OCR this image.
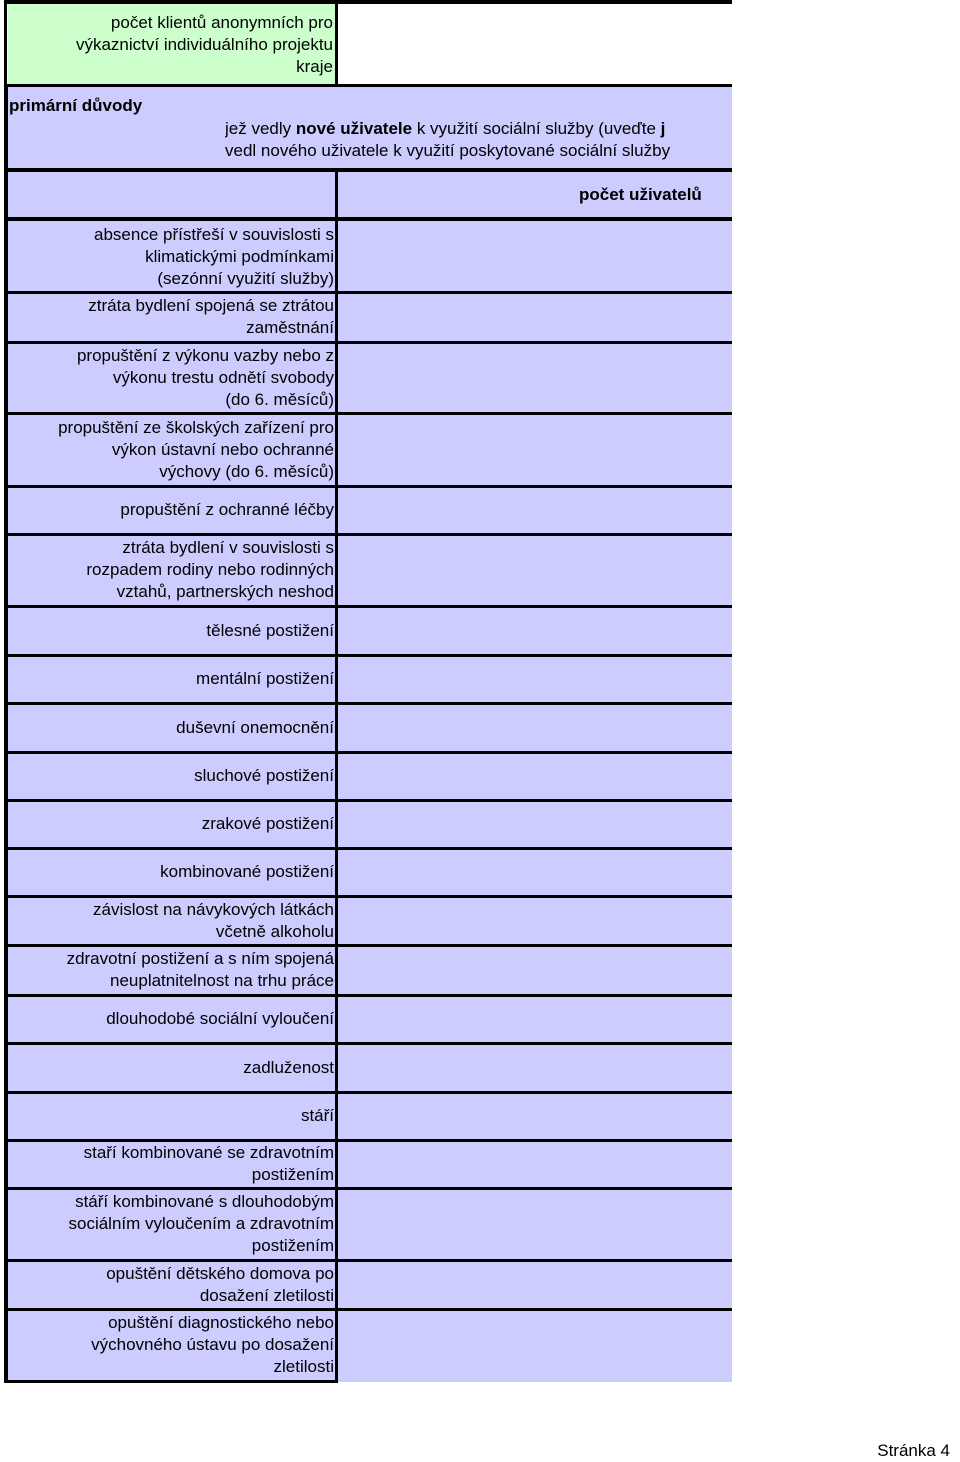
počet klientů anonymních pro
výkaznictví individuálního projektu
kraje
primární důvody
jež vedly nové uživatele k využití sociální služby (uveďte j
vedl nového uživatele k využití poskytované sociální služby
počet uživatelů
absence přístřeší v souvislosti s
klimatickými podmínkami
(sezónní využití služby)
ztráta bydlení spojená se ztrátou
zaměstnání
propuštění z výkonu vazby nebo z
výkonu trestu odnětí svobody
(do 6. měsíců)
propuštění ze školských zařízení pro
výkon ústavní nebo ochranné
výchovy (do 6. měsíců)
propuštění z ochranné léčby
ztráta bydlení v souvislosti s
rozpadem rodiny nebo rodinných
vztahů, partnerských neshod
tělesné postižení
mentální postižení
duševní onemocnění
sluchové postižení
zrakové postižení
kombinované postižení
závislost na návykových látkách
včetně alkoholu
zdravotní postižení a s ním spojená
neuplatnitelnost na trhu práce
dlouhodobé sociální vyloučení
zadluženost
stáří
staří kombinované se zdravotním
postižením
stáří kombinované s dlouhodobým
sociálním vyloučením a zdravotním
postižením
opuštění dětského domova po
dosažení zletilosti
opuštění diagnostického nebo
výchovného ústavu po dosažení
zletilosti
Stránka 4
